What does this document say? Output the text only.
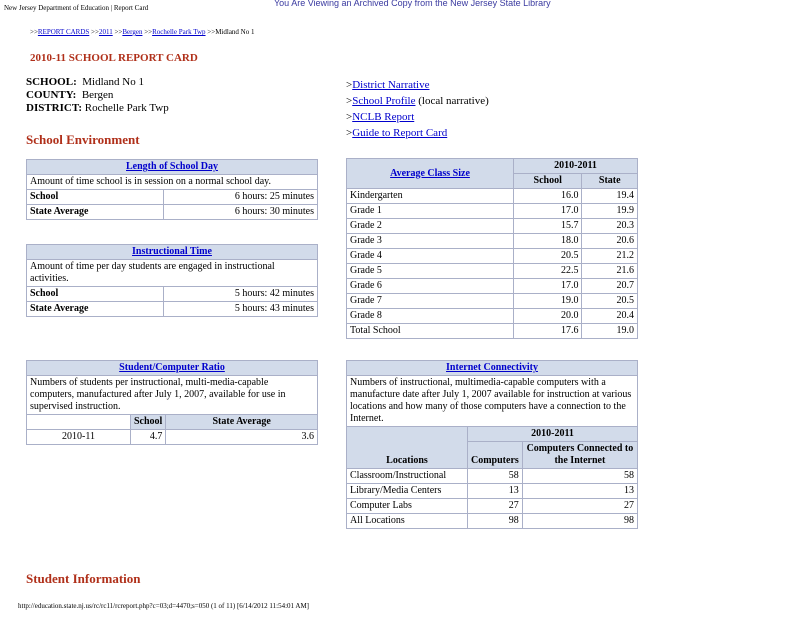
New Jersey Department of Education | Report Card	You Are Viewing an Archived Copy from the New Jersey State Library
>>REPORT CARDS >>2011 >>Bergen >>Rochelle Park Twp >>Midland No 1
2010-11 SCHOOL REPORT CARD
SCHOOL: Midland No 1
COUNTY: Bergen
DISTRICT: Rochelle Park Twp
>District Narrative
>School Profile (local narrative)
>NCLB Report
>Guide to Report Card
School Environment
Length of School Day	
Amount of time school is in session on a normal school day.	
School	6 hours: 25 minutes
State Average	6 hours: 30 minutes
Instructional Time	
Amount of time per day students are engaged in instructional activities.	
School	5 hours: 42 minutes
State Average	5 hours: 43 minutes
Average Class Size	2010-2011	
	School	State
Kindergarten	16.0	19.4
Grade 1	17.0	19.9
Grade 2	15.7	20.3
Grade 3	18.0	20.6
Grade 4	20.5	21.2
Grade 5	22.5	21.6
Grade 6	17.0	20.7
Grade 7	19.0	20.5
Grade 8	20.0	20.4
Total School	17.6	19.0
Student/Computer Ratio		
Numbers of students per instructional, multi-media-capable computers, manufactured after July 1, 2007, available for use in supervised instruction.		
	School	State Average
2010-11	4.7	3.6
Internet Connectivity		
Numbers of instructional, multimedia-capable computers with a manufacture date after July 1, 2007 available for instruction at various locations and how many of those computers have a connection to the Internet.		
Locations	2010-2011	
	Computers	Computers Connected to the Internet
Classroom/Instructional	58	58
Library/Media Centers	13	13
Computer Labs	27	27
All Locations	98	98
Student Information
http://education.state.nj.us/rc/rc11/rcreport.php?c=03;d=4470;s=050 (1 of 11) [6/14/2012 11:54:01 AM]
